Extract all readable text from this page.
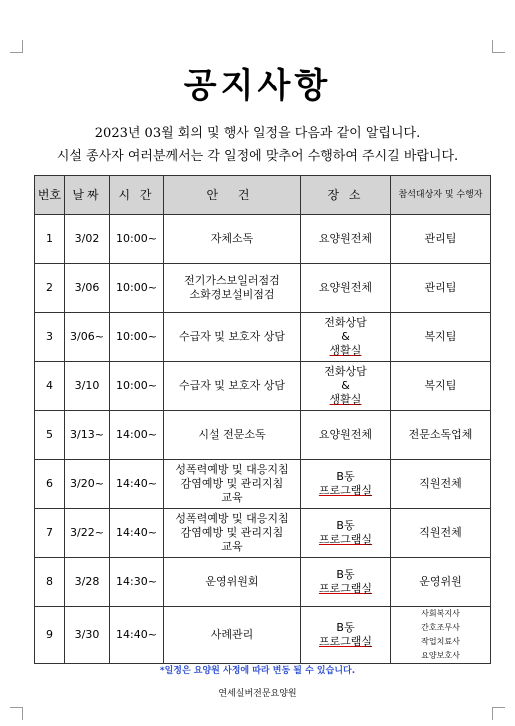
공지사항
2023년 03월 회의 및 행사 일정을 다음과 같이 알립니다.
시설 종사자 여러분께서는 각 일정에 맞추어 수행하여 주시길 바랍니다.
번호	날짜	시 간	안 건	장 소	참석대상자 및 수행자
1	3/02	10:00~	자체소독	요양원전체	관리팀

2	3/06	10:00~	전기가스보일러점검
소화경보설비점검	요양원전체	관리팀

3	3/06~	10:00~	수급자 및 보호자 상담	전화상담
&
생활실	복지팀

4	3/10	10:00~	수급자 및 보호자 상담	전화상담
&
생활실	복지팀

5	3/13~	14:00~	시설 전문소독	요양원전체	전문소독업체

6	3/20~	14:40~	성폭력예방 및 대응지침
감염예방 및 관리지침
교육	B동
프로그램실	직원전체

7	3/22~	14:40~	성폭력예방 및 대응지침
감염예방 및 관리지침
교육	B동
프로그램실	직원전체

8	3/28	14:30~	운영위원회	B동
프로그램실	운영위원

9	3/30	14:40~	사례관리	B동
프로그램실	사회복지사
간호조무사
작업치료사
요양보호사
*일정은 요양원 사정에 따라 변동 될 수 있습니다.
연세실버전문요양원
